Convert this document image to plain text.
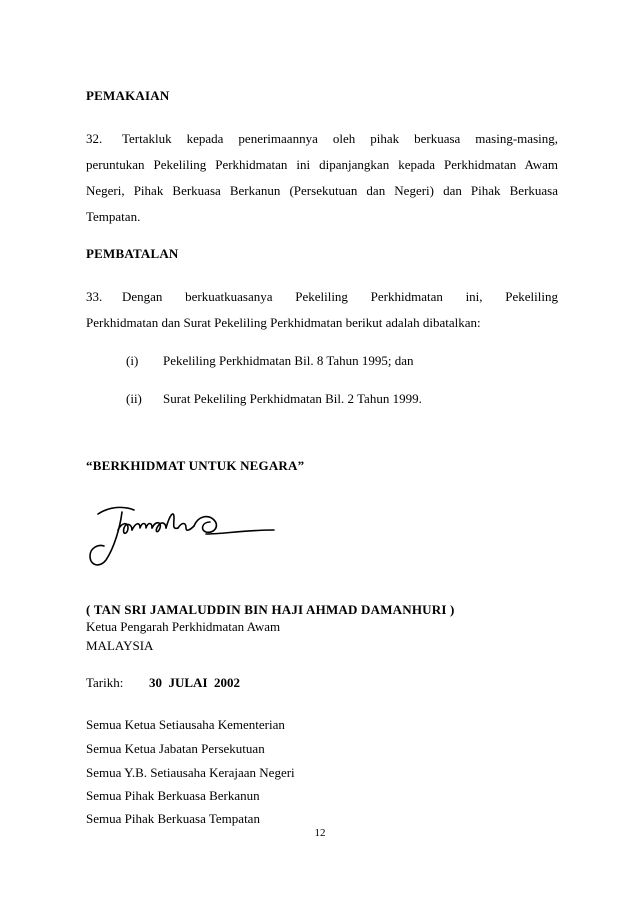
PEMAKAIAN
32. Tertakluk kepada penerimaannya oleh pihak berkuasa masing-masing,
peruntukan Pekeliling Perkhidmatan ini dipanjangkan kepada Perkhidmatan Awam
Negeri, Pihak Berkuasa Berkanun (Persekutuan dan Negeri) dan Pihak Berkuasa
Tempatan.
PEMBATALAN
33. Dengan berkuatkuasanya Pekeliling Perkhidmatan ini, Pekeliling
Perkhidmatan dan Surat Pekeliling Perkhidmatan berikut adalah dibatalkan:
(i) Pekeliling Perkhidmatan Bil. 8 Tahun 1995; dan
(ii) Surat Pekeliling Perkhidmatan Bil. 2 Tahun 1999.
“BERKHIDMAT UNTUK NEGARA”
( TAN SRI JAMALUDDIN BIN HAJI AHMAD DAMANHURI )
Ketua Pengarah Perkhidmatan Awam
MALAYSIA
Tarikh: 30  JULAI  2002
Semua Ketua Setiausaha Kementerian
Semua Ketua Jabatan Persekutuan
Semua Y.B. Setiausaha Kerajaan Negeri
Semua Pihak Berkuasa Berkanun
Semua Pihak Berkuasa Tempatan
12
